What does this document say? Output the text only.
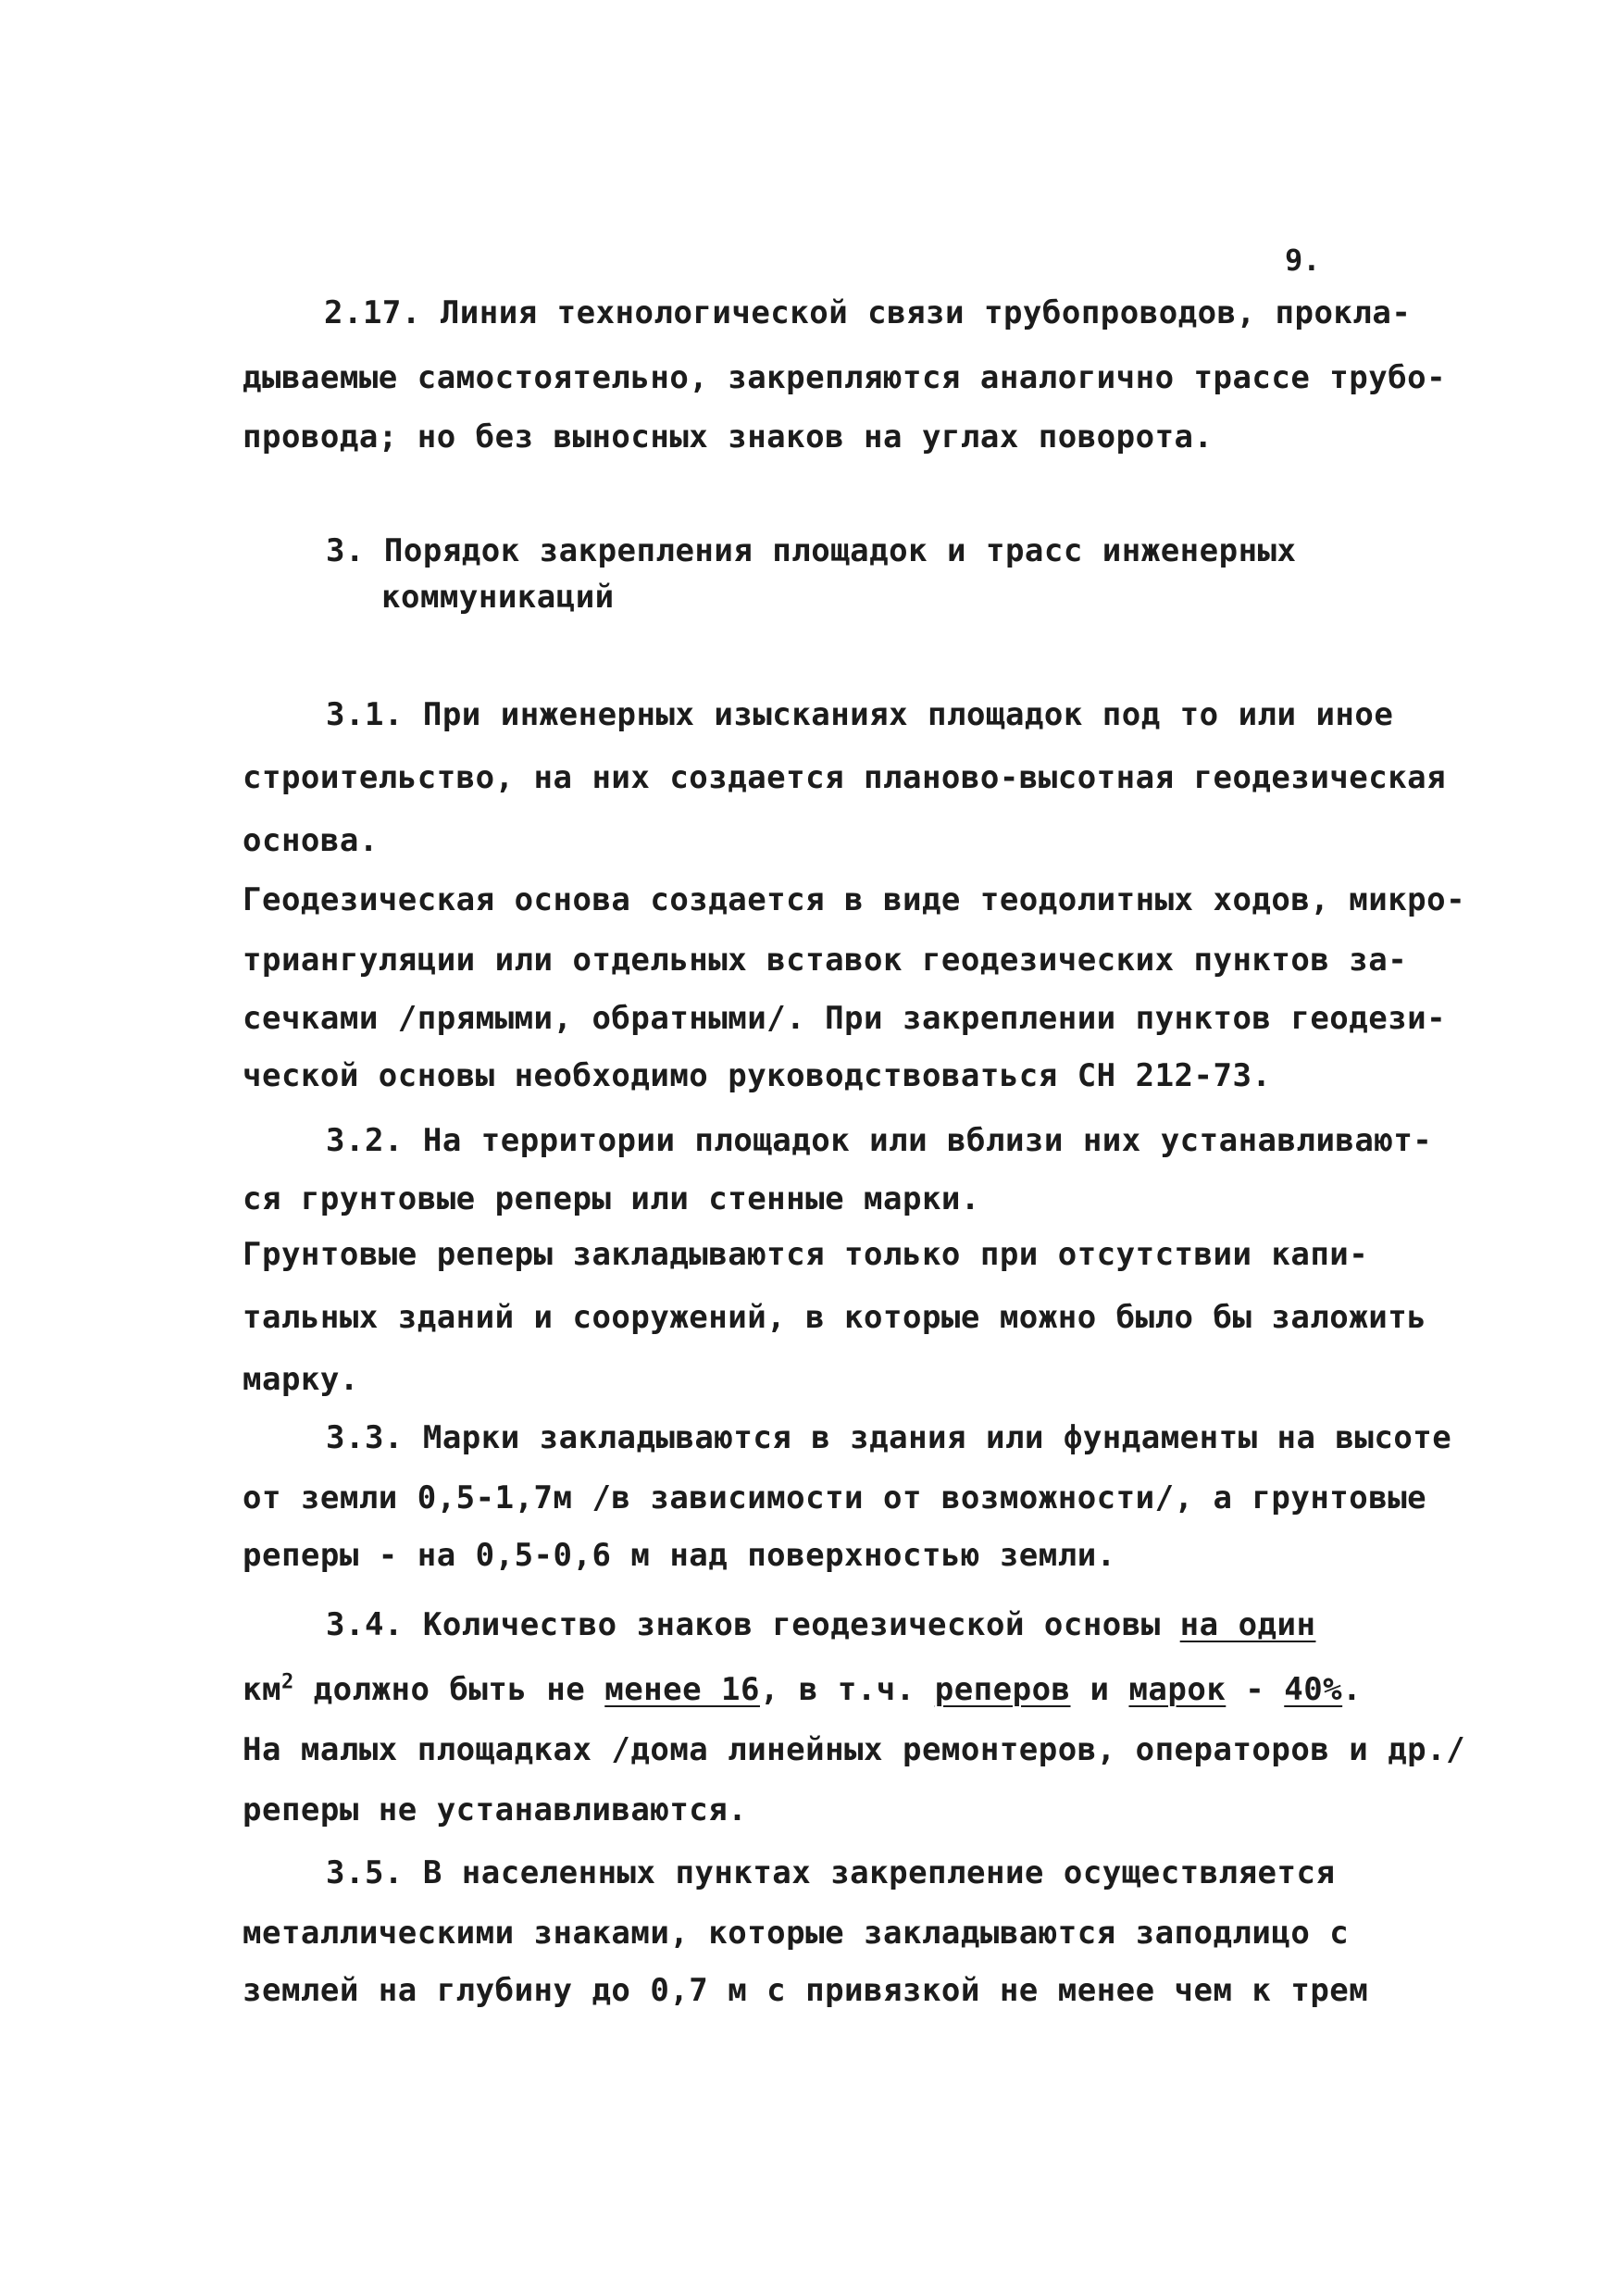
9.
2.17. Линия технологической связи трубопроводов, прокла-
дываемые самостоятельно, закрепляются аналогично трассе трубо-
провода; но без выносных знаков на углах поворота.
3. Порядок закрепления площадок и трасс инженерных
коммуникаций
3.1. При инженерных изысканиях площадок под то или иное
строительство, на них создается планово-высотная геодезическая
основа.
Геодезическая основа создается в виде теодолитных ходов, микро-
триангуляции или отдельных вставок геодезических пунктов за-
сечками /прямыми, обратными/. При закреплении пунктов геодези-
ческой основы необходимо руководствоваться СН 212-73.
3.2. На территории площадок или вблизи них устанавливают-
ся грунтовые реперы или стенные марки.
Грунтовые реперы закладываются только при отсутствии капи-
тальных зданий и сооружений, в которые можно было бы заложить
марку.
3.3. Марки закладываются в здания или фундаменты на высоте
от земли 0,5-1,7м /в зависимости от возможности/, а грунтовые
реперы - на 0,5-0,6 м над поверхностью земли.
3.4. Количество знаков геодезической основы на один
$км^2$ должно быть не менее 16, в т.ч. реперов и марок - 40%.
На малых площадках /дома линейных ремонтеров, операторов и др./
реперы не устанавливаются.
3.5. В населенных пунктах закрепление осуществляется
металлическими знаками, которые закладываются заподлицо с
землей на глубину до 0,7 м с привязкой не менее чем к трем
